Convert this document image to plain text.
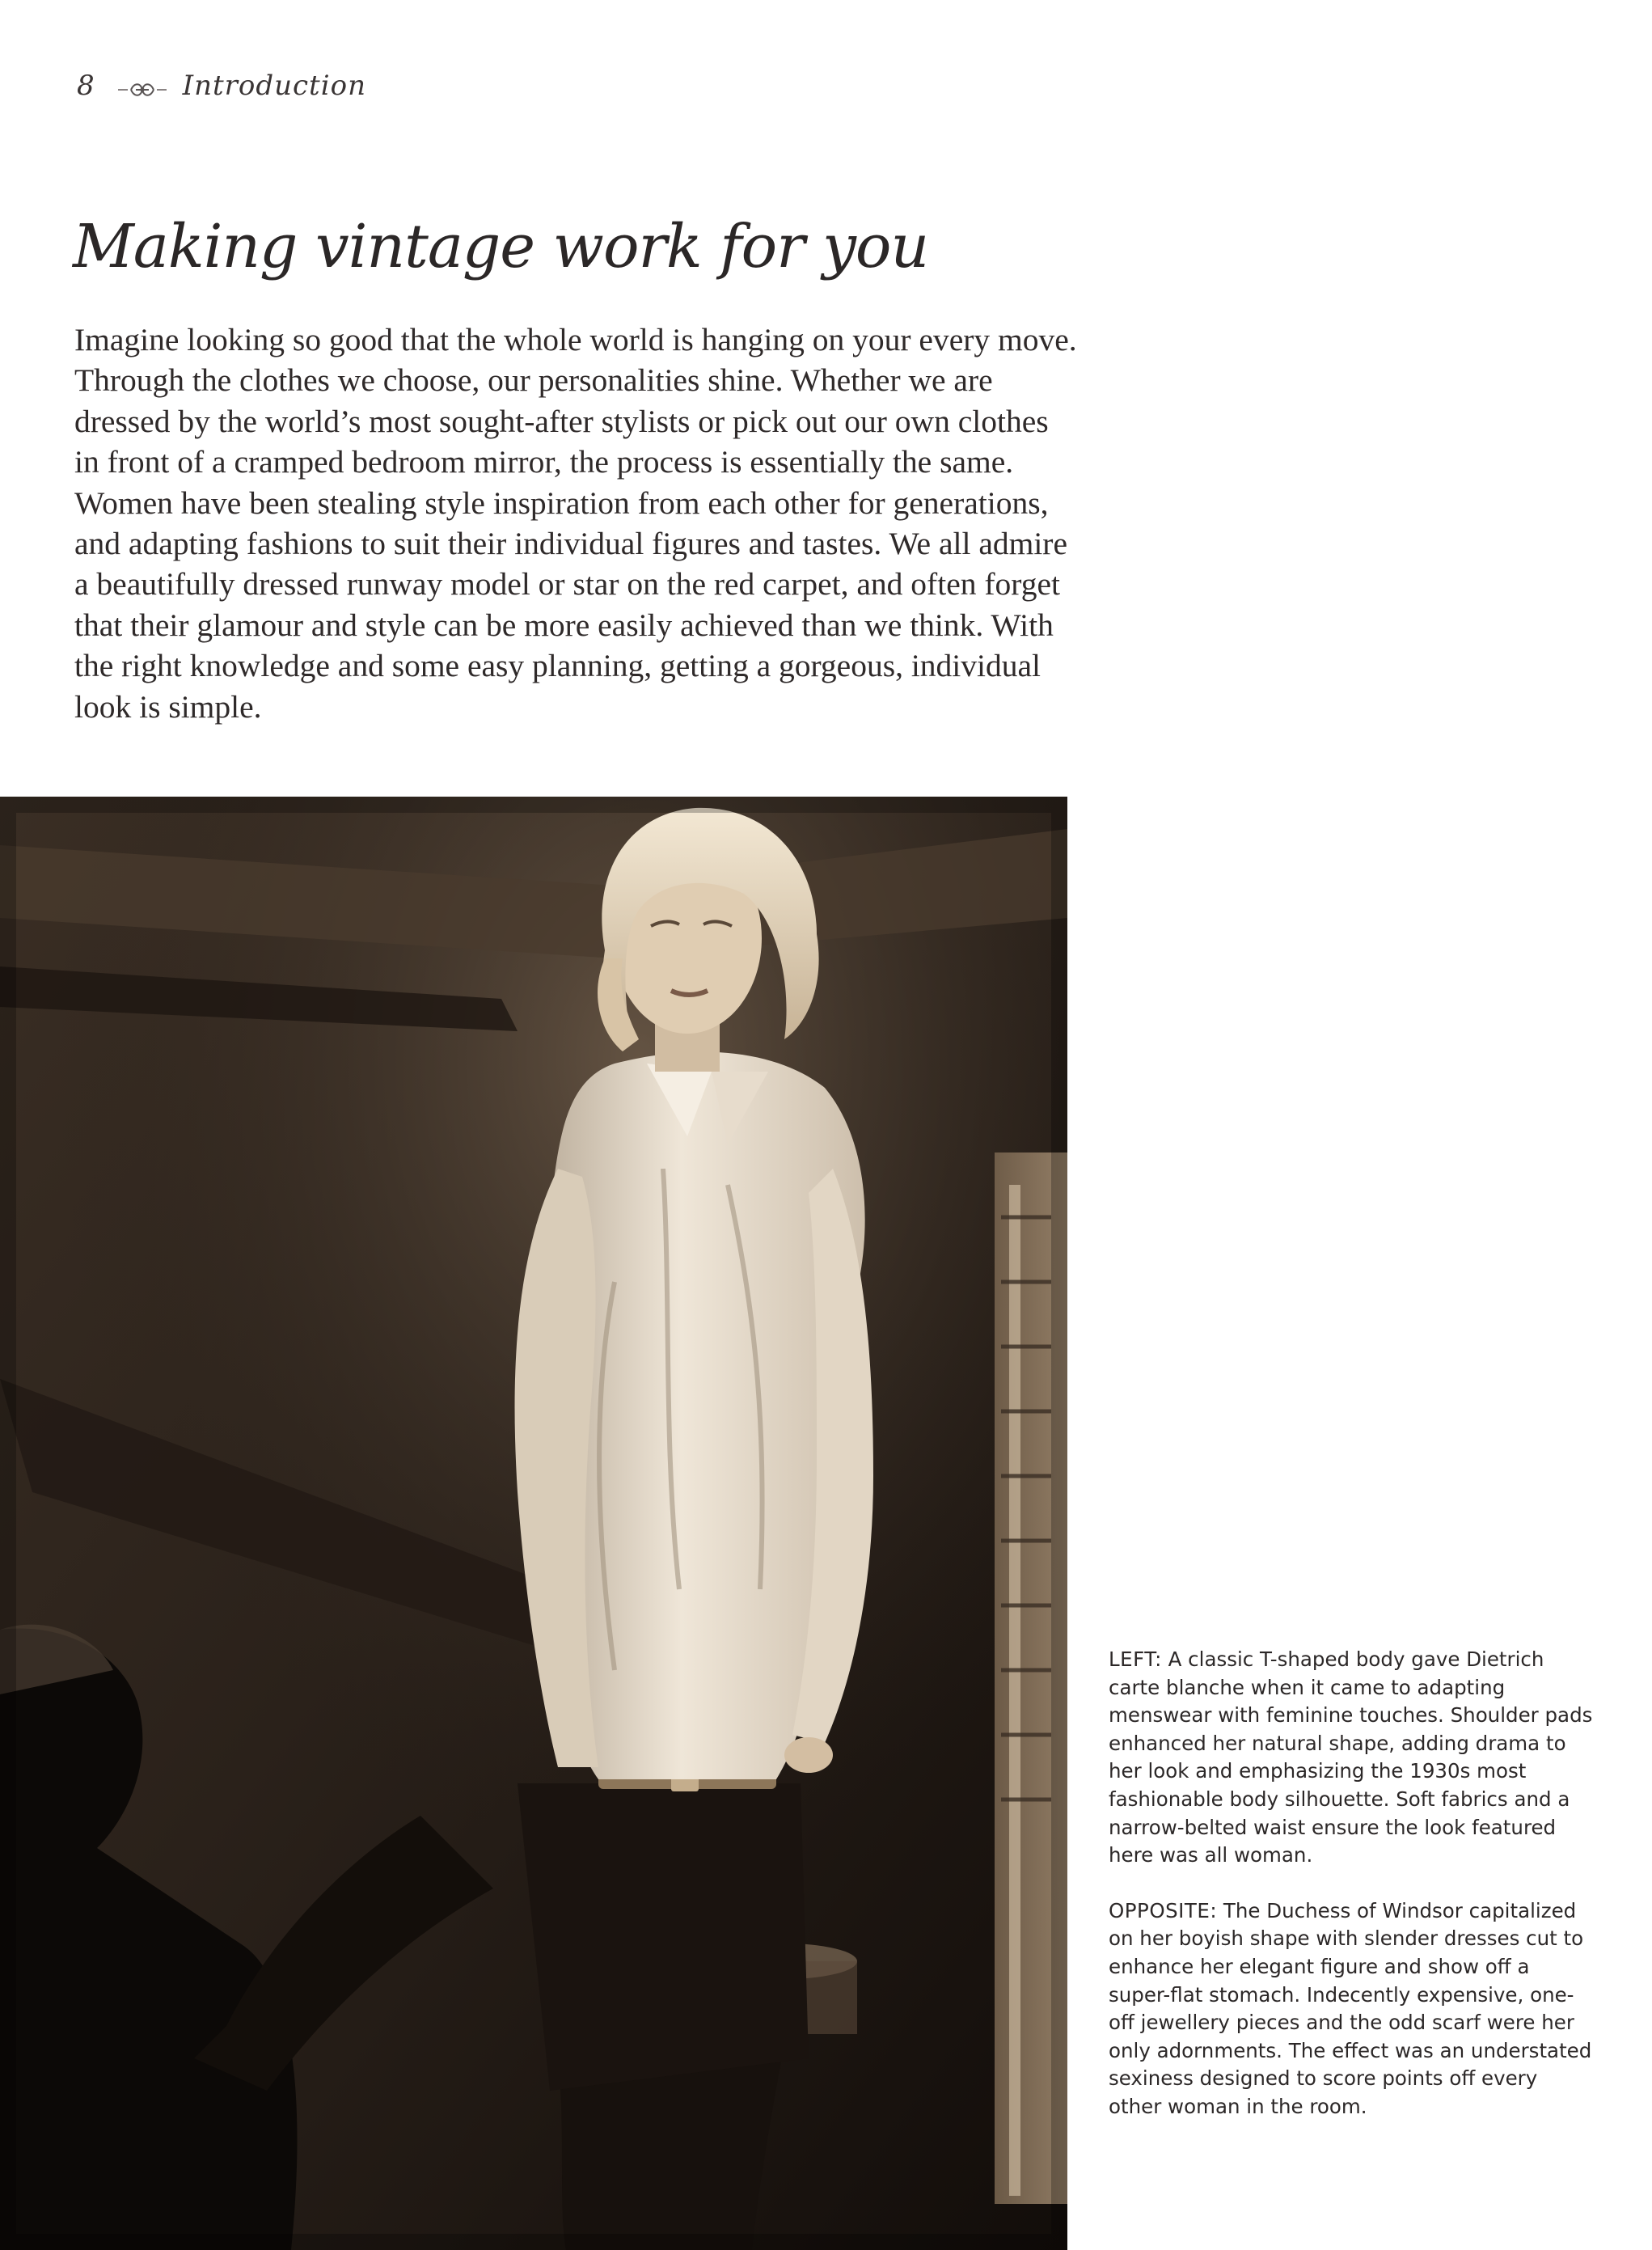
8	Introduction
Making vintage work for you

Imagine looking so good that the whole world is hanging on your every move. Through the clothes we choose, our personalities shine. Whether we are dressed by the world’s most sought-after stylists or pick out our own clothes in front of a cramped bedroom mirror, the process is essentially the same. Women have been stealing style inspiration from each other for generations, and adapting fashions to suit their individual figures and tastes. We all admire a beautifully dressed runway model or star on the red carpet, and often forget that their glamour and style can be more easily achieved than we think. With the right knowledge and some easy planning, getting a gorgeous, individual look is simple.

LEFT: A classic T-shaped body gave Dietrich carte blanche when it came to adapting menswear with feminine touches. Shoulder pads enhanced her natural shape, adding drama to her look and emphasizing the 1930s most fashionable body silhouette. Soft fabrics and a narrow-belted waist ensure the look featured here was all woman.

OPPOSITE: The Duchess of Windsor capitalized on her boyish shape with slender dresses cut to enhance her elegant figure and show off a super-flat stomach. Indecently expensive, one-off jewellery pieces and the odd scarf were her only adornments. The effect was an understated sexiness designed to score points off every other woman in the room.
